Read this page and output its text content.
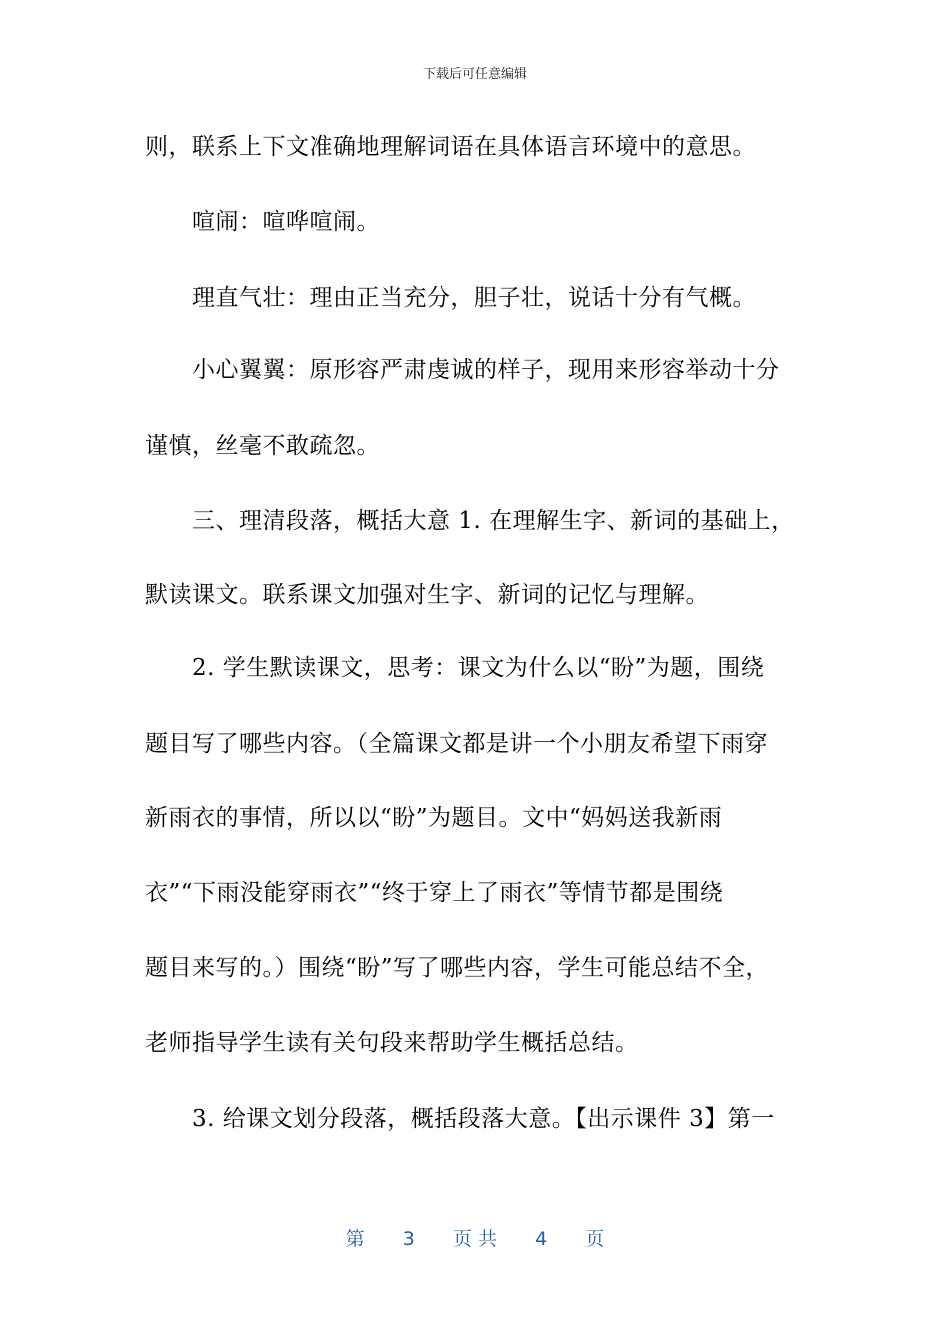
下载后可任意编辑
则，联系上下文准确地理解词语在具体语言环境中的意思。
喧闹：喧哗喧闹。
理直气壮：理由正当充分，胆子壮，说话十分有气概。
小心翼翼：原形容严肃虔诚的样子，现用来形容举动十分
谨慎，丝毫不敢疏忽。
三、理清段落，概括大意 1. 在理解生字、新词的基础上，
默读课文。联系课文加强对生字、新词的记忆与理解。
2. 学生默读课文，思考：课文为什么以“盼”为题，围绕
题目写了哪些内容。（全篇课文都是讲一个小朋友希望下雨穿
新雨衣的事情，所以以“盼”为题目。文中“妈妈送我新雨
衣”“下雨没能穿雨衣”“终于穿上了雨衣”等情节都是围绕
题目来写的。）围绕“盼”写了哪些内容，学生可能总结不全，
老师指导学生读有关句段来帮助学生概括总结。
3. 给课文划分段落，概括段落大意。【出示课件 3】第一
第 3 页 共 4 页
